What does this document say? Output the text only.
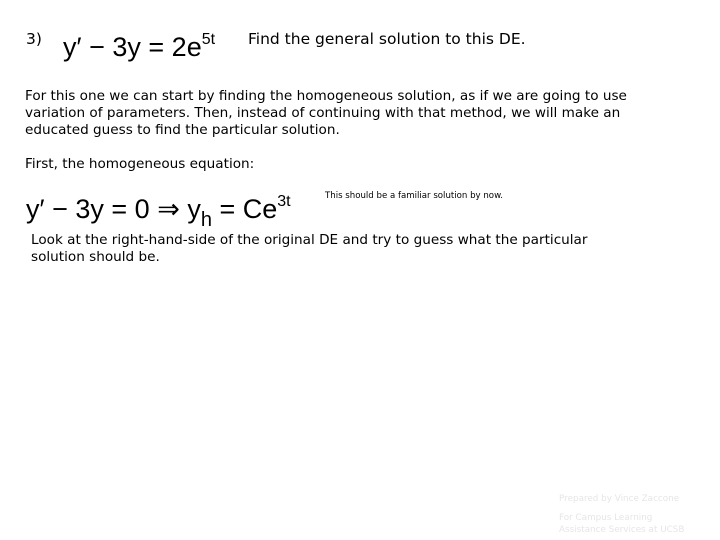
3) $y' - 3y = 2e^{5t}$ Find the general solution to this DE.
For this one we can start by finding the homogeneous solution, as if we are going to use variation of parameters. Then, instead of continuing with that method, we will make an educated guess to find the particular solution.
First, the homogeneous equation:
y′ − 3y = 0 ⇒ $y_h = Ce^{3t}$	This should be a familiar solution by now.
Look at the right-hand-side of the original DE and try to guess what the particular solution should be.
Prepared by Vince Zaccone
For Campus Learning
Assistance Services at UCSB
